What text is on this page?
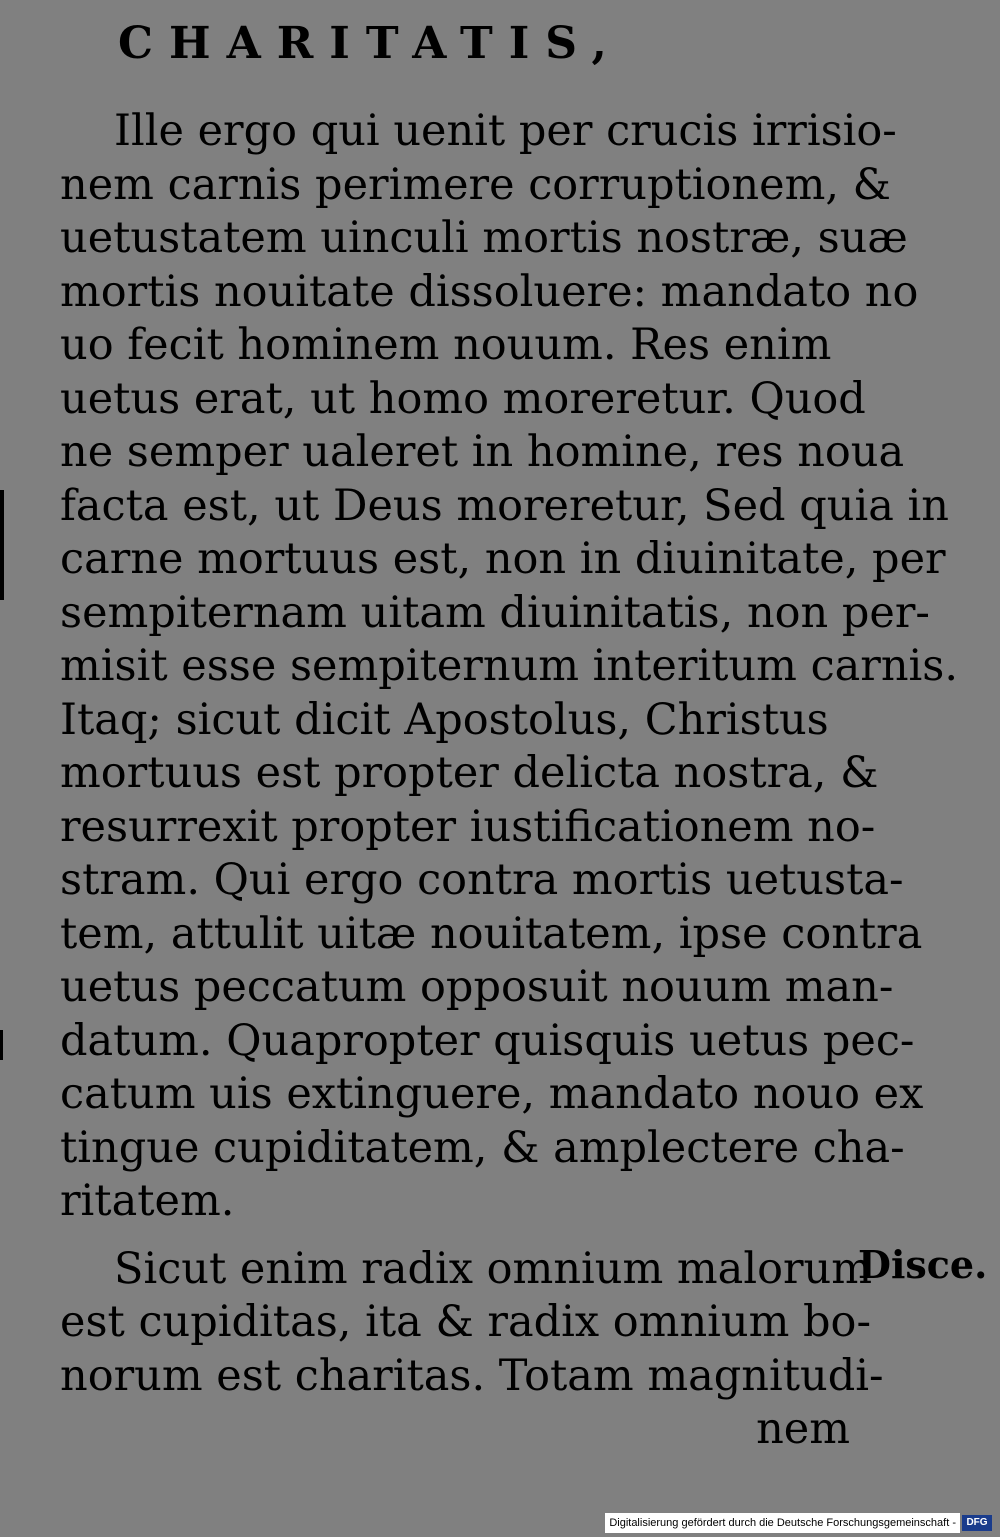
CHARITATIS,
Ille ergo qui uenit per crucis irrisio-
nem carnis perimere corruptionem, &
uetustatem uinculi mortis nostræ, suæ
mortis nouitate dissoluere: mandato no
uo fecit hominem nouum. Res enim
uetus erat, ut homo moreretur. Quod
ne semper ualeret in homine, res noua
facta est, ut Deus moreretur, Sed quia in
carne mortuus est, non in diuinitate, per
sempiternam uitam diuinitatis, non per-
misit esse sempiternum interitum carnis.
Itaq; sicut dicit Apostolus, Christus
mortuus est propter delicta nostra, &
resurrexit propter iustificationem no-
stram. Qui ergo contra mortis uetusta-
tem, attulit uitæ nouitatem, ipse contra
uetus peccatum opposuit nouum man-
datum. Quapropter quisquis uetus pec-
catum uis extinguere, mandato nouo ex
tingue cupiditatem, & amplectere cha-
ritatem.
Sicut enim radix omnium malorum
est cupiditas, ita & radix omnium bo-
norum est charitas. Totam magnitudi-
nem
Disce.
Digitalisierung gefördert durch die Deutsche Forschungsgemeinschaft -	DFG
